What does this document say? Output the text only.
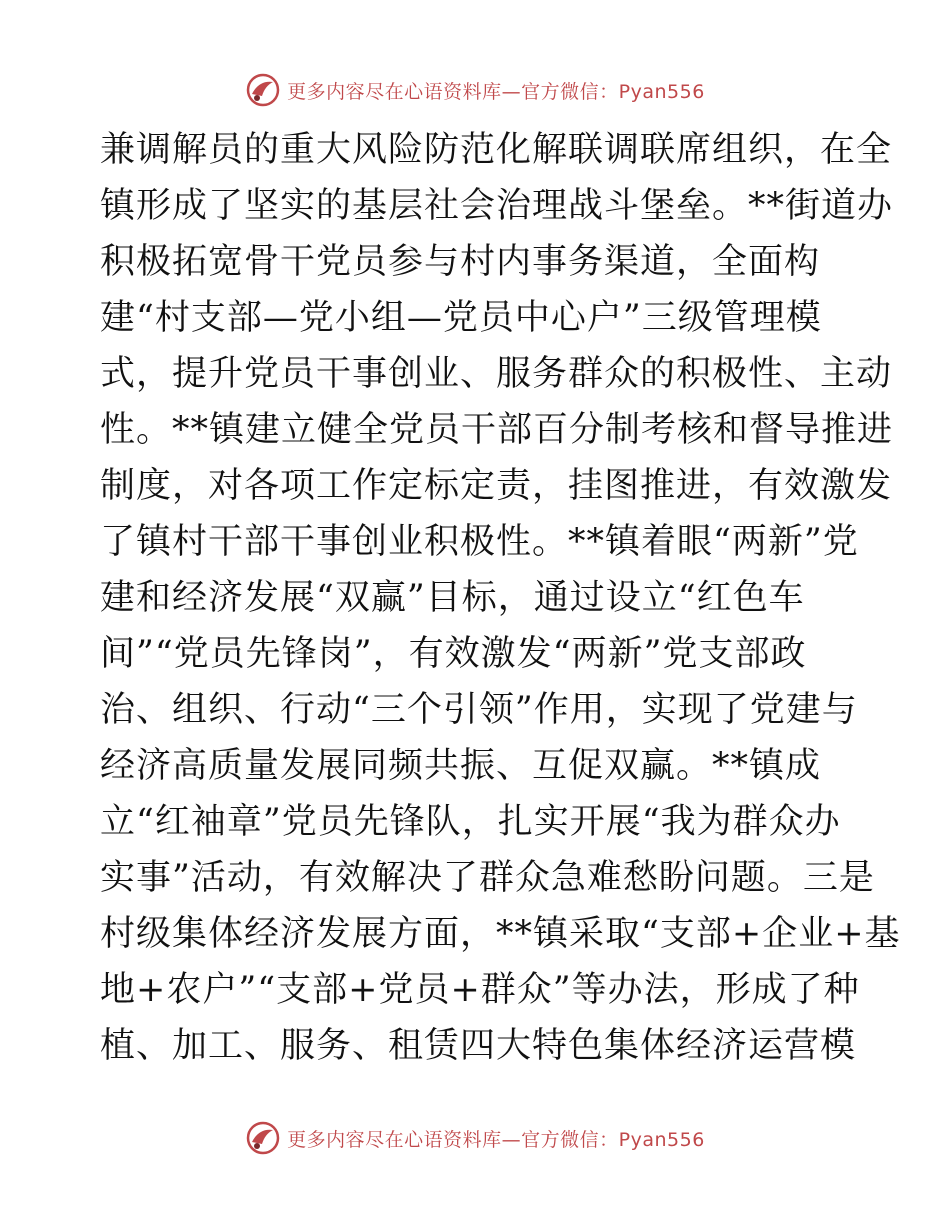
更多内容尽在心语资料库—官方微信：Pyan556
兼调解员的重大风险防范化解联调联席组织，在全
镇形成了坚实的基层社会治理战斗堡垒。**街道办
积极拓宽骨干党员参与村内事务渠道，全面构
建“村支部—党小组—党员中心户”三级管理模
式，提升党员干事创业、服务群众的积极性、主动
性。**镇建立健全党员干部百分制考核和督导推进
制度，对各项工作定标定责，挂图推进，有效激发
了镇村干部干事创业积极性。**镇着眼“两新”党
建和经济发展“双赢”目标，通过设立“红色车
间”“党员先锋岗”，有效激发“两新”党支部政
治、组织、行动“三个引领”作用，实现了党建与
经济高质量发展同频共振、互促双赢。**镇成
立“红袖章”党员先锋队，扎实开展“我为群众办
实事”活动，有效解决了群众急难愁盼问题。三是
村级集体经济发展方面，**镇采取“支部+企业+基
地+农户”“支部+党员+群众”等办法，形成了种
植、加工、服务、租赁四大特色集体经济运营模
更多内容尽在心语资料库—官方微信：Pyan556
